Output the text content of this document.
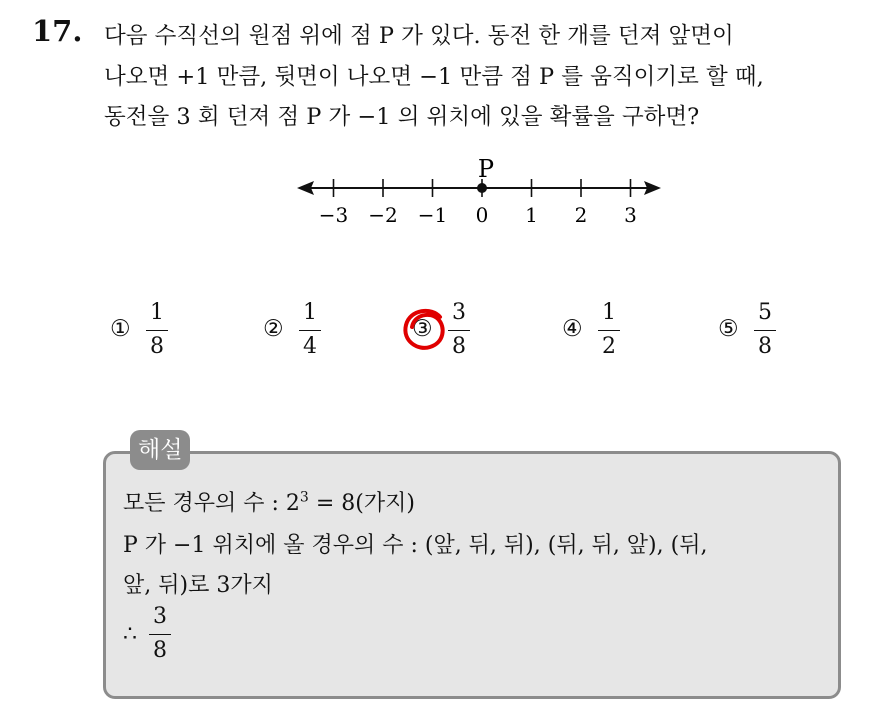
17. 다음 수직선의 원점 위에 점 P 가 있다. 동전 한 개를 던져 앞면이
나오면 +1 만큼, 뒷면이 나오면 −1 만큼 점 P 를 움직이기로 할 때,
동전을 3 회 던져 점 P 가 −1 의 위치에 있을 확률을 구하면?
−3 −2 −1 0 1 2 3
P
①
1
8
②
1
4
③
3
8
④
1
2
⑤
5
8
해설
모든 경우의 수 : $2^3 = 8$(가지)
P 가 −1 위치에 올 경우의 수 : (앞, 뒤, 뒤), (뒤, 뒤, 앞), (뒤,
앞, 뒤)로 3가지
∴
3
8
